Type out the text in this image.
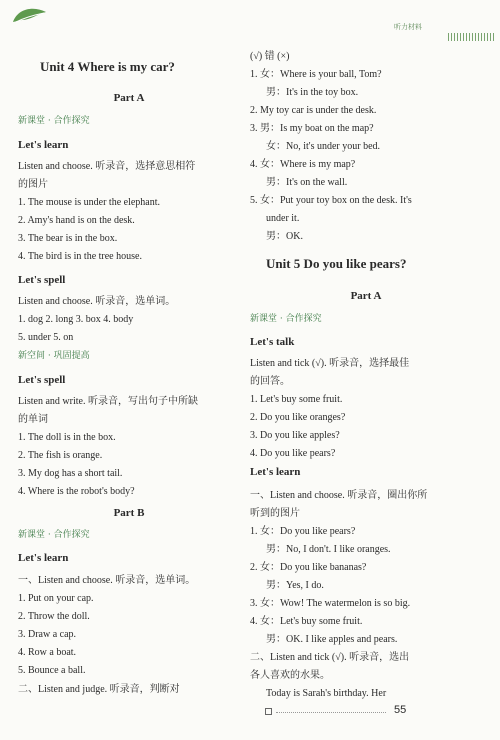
听力材料
Unit 4 Where is my car?
Part A
新课堂 · 合作探究
Let's learn
Listen and choose. 听录音，选择意思相符
的图片
1. The mouse is under the elephant.
2. Amy's hand is on the desk.
3. The bear is in the box.
4. The bird is in the tree house.
Let's spell
Listen and choose. 听录音，选单词。
1. dog 2. long 3. box 4. body
5. under 5. on
新空间 · 巩固提高
Let's spell
Listen and write. 听录音，写出句子中所缺
的单词
1. The doll is in the box.
2. The fish is orange.
3. My dog has a short tail.
4. Where is the robot's body?
Part B
新课堂 · 合作探究
Let's learn
一、Listen and choose. 听录音，选单词。
1. Put on your cap.
2. Throw the doll.
3. Draw a cap.
4. Row a boat.
5. Bounce a ball.
二、Listen and judge. 听录音，判断对
(√) 错 (×)
1. 女：Where is your ball, Tom?
男：It's in the toy box.
2. My toy car is under the desk.
3. 男：Is my boat on the map?
女：No, it's under your bed.
4. 女：Where is my map?
男：It's on the wall.
5. 女：Put your toy box on the desk. It's
under it.
男：OK.
Unit 5 Do you like pears?
Part A
新课堂 · 合作探究
Let's talk
Listen and tick (√). 听录音，选择最佳
的回答。
1. Let's buy some fruit.
2. Do you like oranges?
3. Do you like apples?
4. Do you like pears?
Let's learn
一、Listen and choose. 听录音，圈出你所
听到的图片
1. 女：Do you like pears?
男：No, I don't. I like oranges.
2. 女：Do you like bananas?
男：Yes, I do.
3. 女：Wow! The watermelon is so big.
4. 女：Let's buy some fruit.
男：OK. I like apples and pears.
二、Listen and tick (√). 听录音，选出
各人喜欢的水果。
Today is Sarah's birthday. Her
55
